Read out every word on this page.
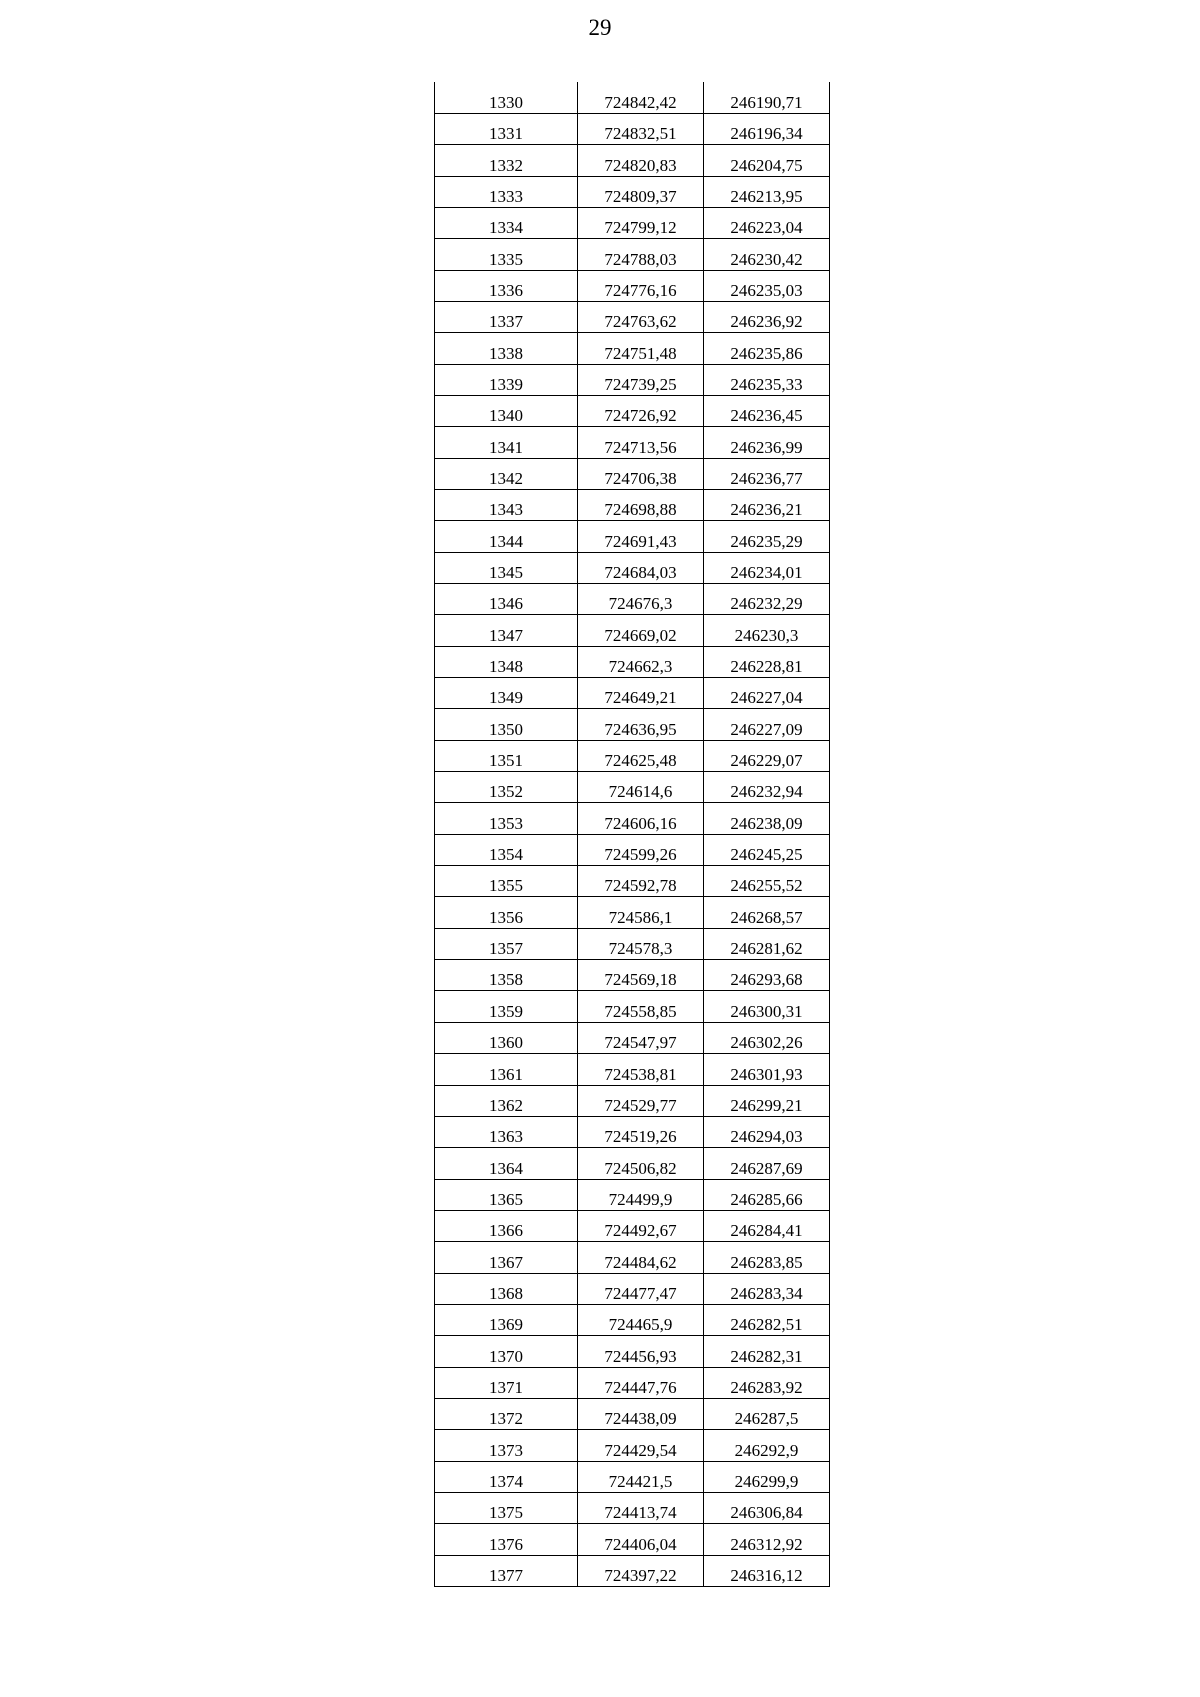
29
1330	724842,42	246190,71
1331	724832,51	246196,34
1332	724820,83	246204,75
1333	724809,37	246213,95
1334	724799,12	246223,04
1335	724788,03	246230,42
1336	724776,16	246235,03
1337	724763,62	246236,92
1338	724751,48	246235,86
1339	724739,25	246235,33
1340	724726,92	246236,45
1341	724713,56	246236,99
1342	724706,38	246236,77
1343	724698,88	246236,21
1344	724691,43	246235,29
1345	724684,03	246234,01
1346	724676,3	246232,29
1347	724669,02	246230,3
1348	724662,3	246228,81
1349	724649,21	246227,04
1350	724636,95	246227,09
1351	724625,48	246229,07
1352	724614,6	246232,94
1353	724606,16	246238,09
1354	724599,26	246245,25
1355	724592,78	246255,52
1356	724586,1	246268,57
1357	724578,3	246281,62
1358	724569,18	246293,68
1359	724558,85	246300,31
1360	724547,97	246302,26
1361	724538,81	246301,93
1362	724529,77	246299,21
1363	724519,26	246294,03
1364	724506,82	246287,69
1365	724499,9	246285,66
1366	724492,67	246284,41
1367	724484,62	246283,85
1368	724477,47	246283,34
1369	724465,9	246282,51
1370	724456,93	246282,31
1371	724447,76	246283,92
1372	724438,09	246287,5
1373	724429,54	246292,9
1374	724421,5	246299,9
1375	724413,74	246306,84
1376	724406,04	246312,92
1377	724397,22	246316,12
